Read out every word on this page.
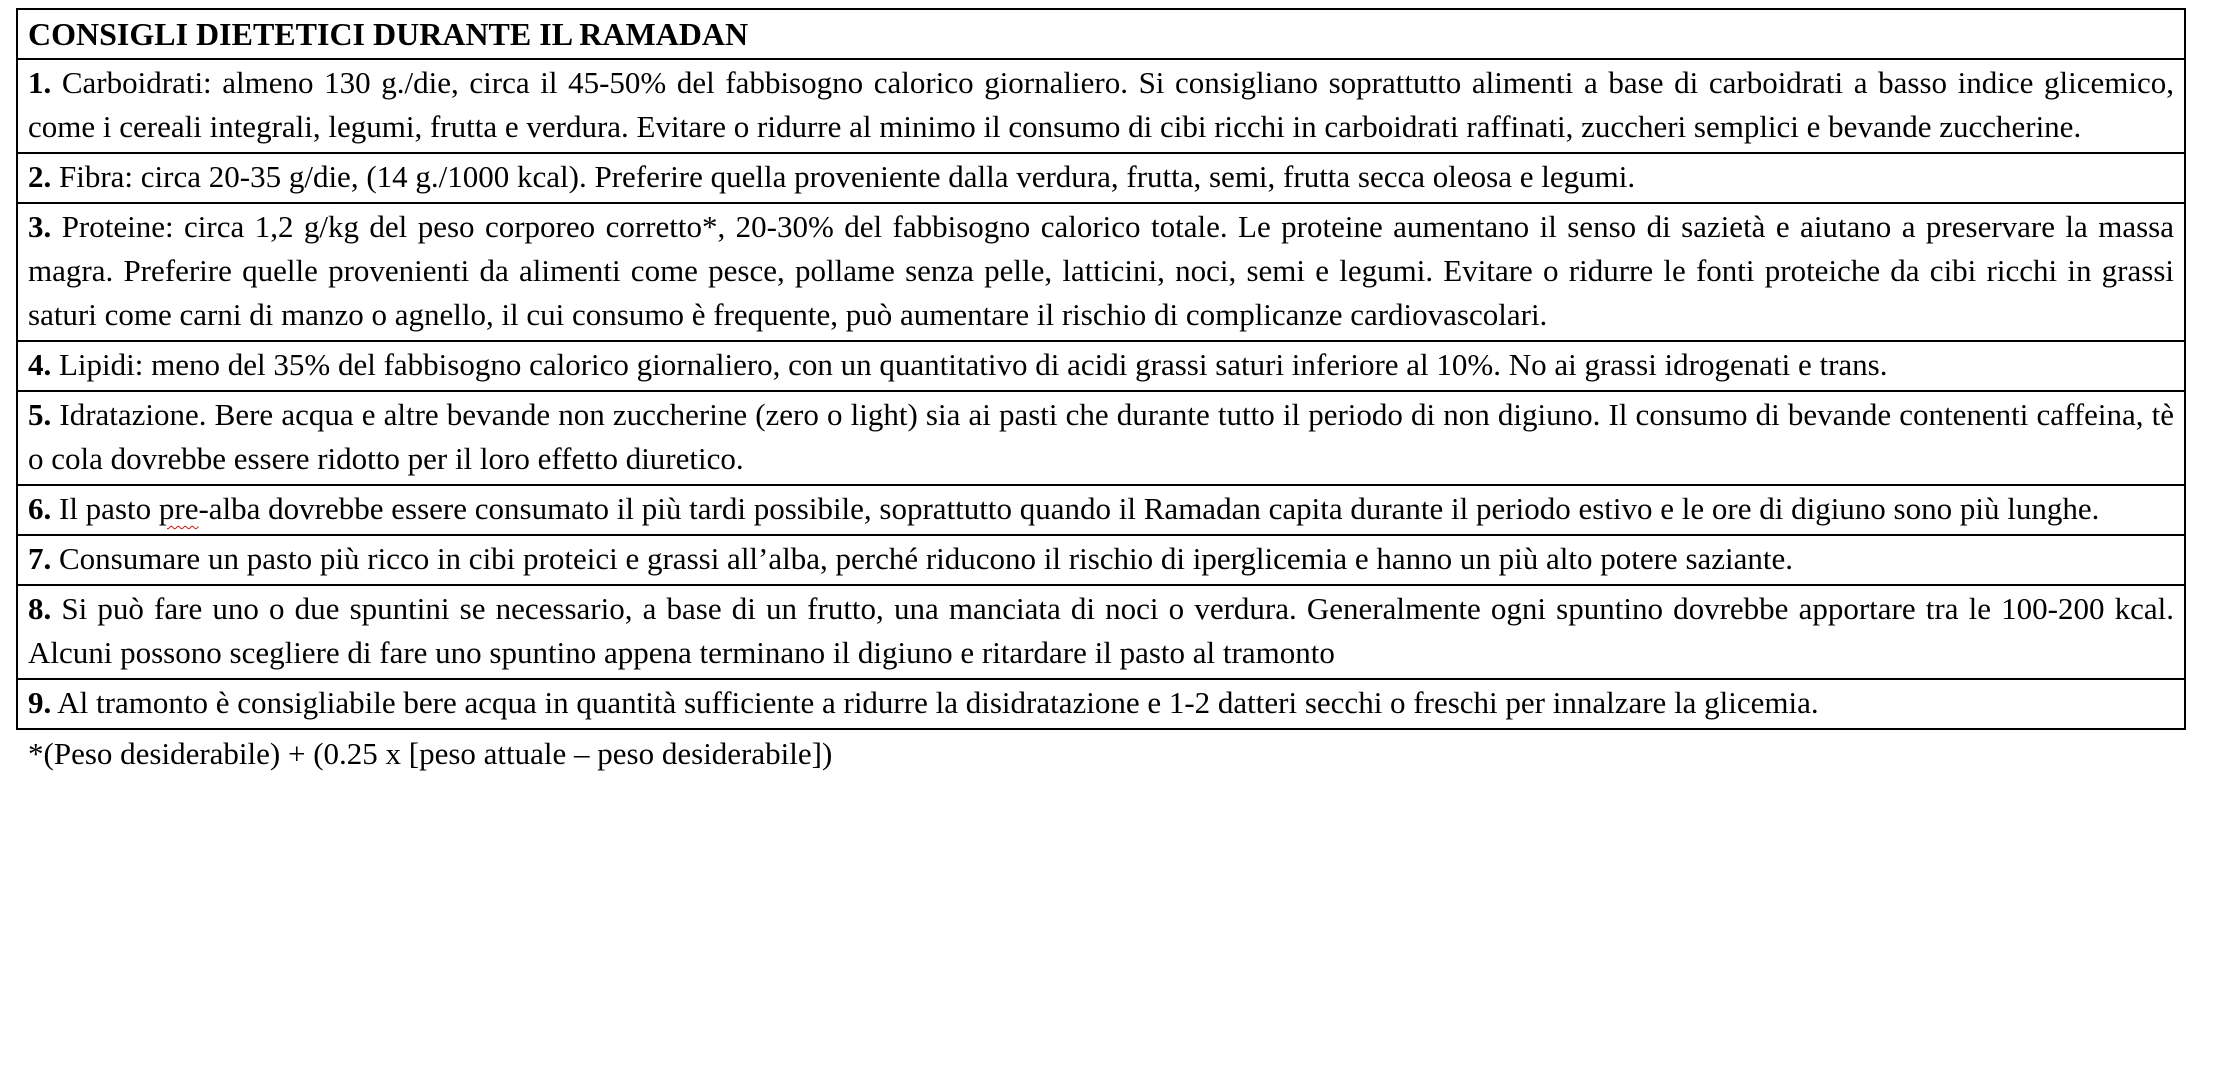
CONSIGLI DIETETICI DURANTE IL RAMADAN
1. Carboidrati: almeno 130 g./die, circa il 45-50% del fabbisogno calorico giornaliero. Si consigliano soprattutto alimenti a base di carboidrati a basso indice glicemico, come i cereali integrali, legumi, frutta e verdura. Evitare o ridurre al minimo il consumo di cibi ricchi in carboidrati raffinati, zuccheri semplici e bevande zuccherine.
2. Fibra: circa 20-35 g/die, (14 g./1000 kcal). Preferire quella proveniente dalla verdura, frutta, semi, frutta secca oleosa e legumi.
3. Proteine: circa 1,2 g/kg del peso corporeo corretto*, 20-30% del fabbisogno calorico totale. Le proteine aumentano il senso di sazietà e aiutano a preservare la massa magra. Preferire quelle provenienti da alimenti come pesce, pollame senza pelle, latticini, noci, semi e legumi. Evitare o ridurre le fonti proteiche da cibi ricchi in grassi saturi come carni di manzo o agnello, il cui consumo è frequente, può aumentare il rischio di complicanze cardiovascolari.
4. Lipidi: meno del 35% del fabbisogno calorico giornaliero, con un quantitativo di acidi grassi saturi inferiore al 10%. No ai grassi idrogenati e trans.
5. Idratazione. Bere acqua e altre bevande non zuccherine (zero o light) sia ai pasti che durante tutto il periodo di non digiuno. Il consumo di bevande contenenti caffeina, tè o cola dovrebbe essere ridotto per il loro effetto diuretico.
6. Il pasto pre-alba dovrebbe essere consumato il più tardi possibile, soprattutto quando il Ramadan capita durante il periodo estivo e le ore di digiuno sono più lunghe.
7. Consumare un pasto più ricco in cibi proteici e grassi all’alba, perché riducono il rischio di iperglicemia e hanno un più alto potere saziante.
8. Si può fare uno o due spuntini se necessario, a base di un frutto, una manciata di noci o verdura. Generalmente ogni spuntino dovrebbe apportare tra le 100-200 kcal. Alcuni possono scegliere di fare uno spuntino appena terminano il digiuno e ritardare il pasto al tramonto
9. Al tramonto è consigliabile bere acqua in quantità sufficiente a ridurre la disidratazione e 1-2 datteri secchi o freschi per innalzare la glicemia.
*(Peso desiderabile) + (0.25 x [peso attuale – peso desiderabile])
